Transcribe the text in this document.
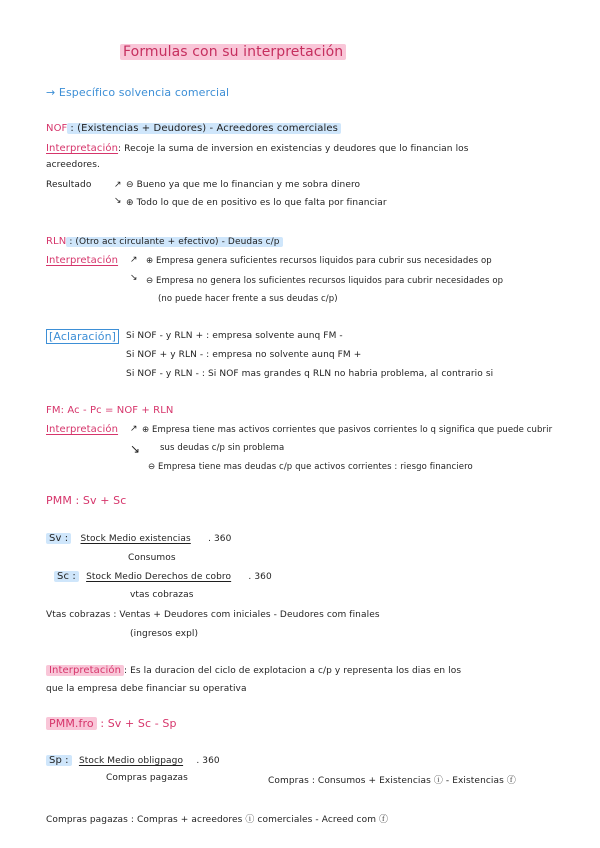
Formulas con su interpretación
→ Específico solvencia comercial
NOF : (Existencias + Deudores) - Acreedores comerciales
Interpretación: Recoje la suma de inversion en existencias y deudores que lo financian los
acreedores.
Resultado	⊖ Bueno ya que me lo financian y me sobra dinero
⊕ Todo lo que de en positivo es lo que falta por financiar
↗
↘
RLN : (Otro act circulante + efectivo) - Deudas c/p
Interpretación	⊕ Empresa genera suficientes recursos liquidos para cubrir sus necesidades op
⊖ Empresa no genera los suficientes recursos liquidos para cubrir necesidades op
(no puede hacer frente a sus deudas c/p)
↗
↘
[Aclaración]	Si NOF - y RLN + : empresa solvente aunq FM -
Si NOF + y RLN - : empresa no solvente aunq FM +
Si NOF - y RLN - : Si NOF mas grandes q RLN no habria problema, al contrario si
FM: Ac - Pc = NOF + RLN
Interpretación	⊕ Empresa tiene mas activos corrientes que pasivos corrientes lo q significa que puede cubrir
sus deudas c/p sin problema
⊖ Empresa tiene mas deudas c/p que activos corrientes : riesgo financiero
↗
↘
PMM : Sv + Sc
Sv : Stock Medio existencias . 360
Consumos
Sc : Stock Medio Derechos de cobro . 360
vtas cobrazas
Vtas cobrazas : Ventas + Deudores com iniciales - Deudores com finales
(ingresos expl)
Interpretación : Es la duracion del ciclo de explotacion a c/p y representa los dias en los
que la empresa debe financiar su operativa
PMM.fro : Sv + Sc - Sp
Sp : Stock Medio obligpago . 360
Compras pagazas	Compras : Consumos + Existencias ⓘ - Existencias ⓕ
Compras pagazas : Compras + acreedores ⓘ comerciales - Acreed com ⓕ
